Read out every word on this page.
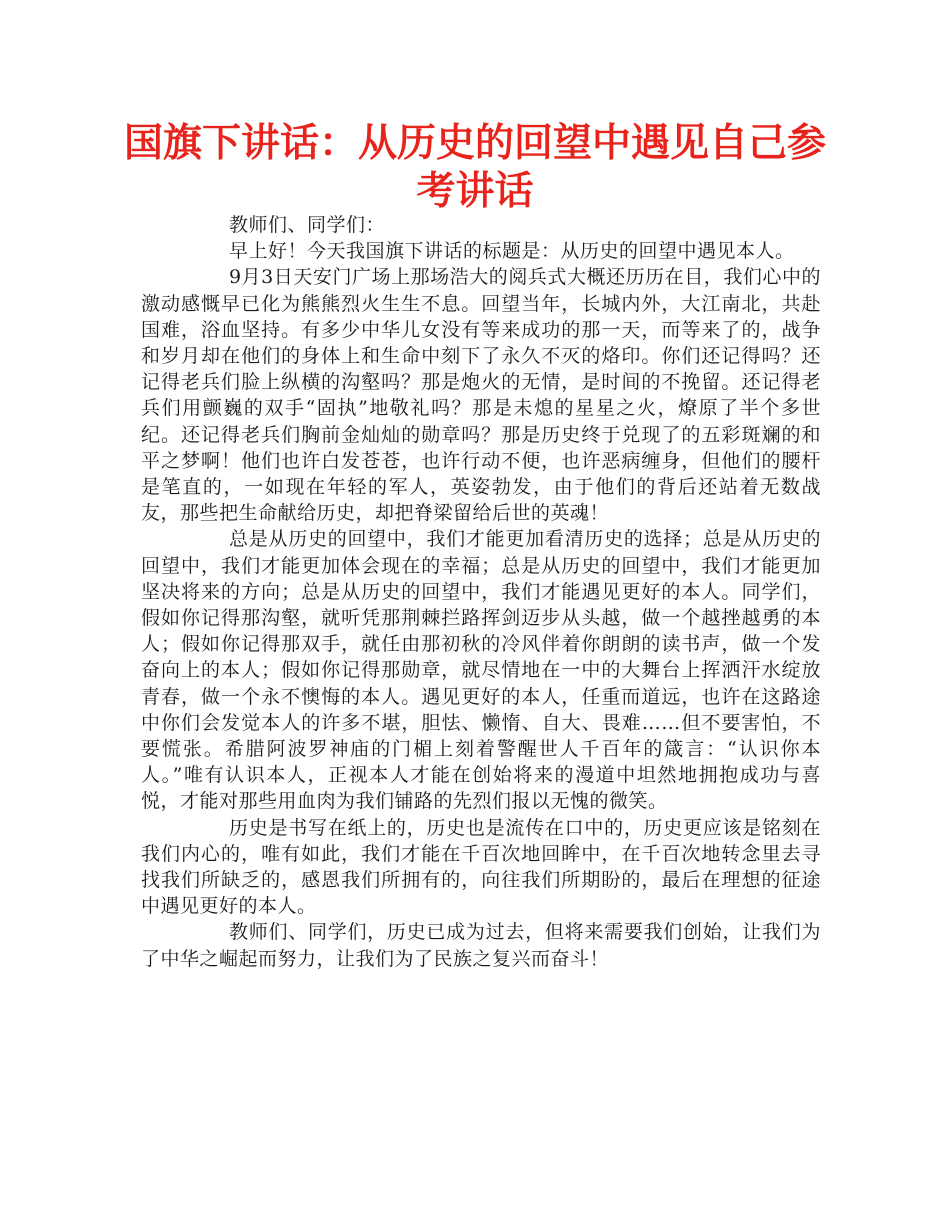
国旗下讲话：从历史的回望中遇见自己参
考讲话

教师们、同学们：

早上好！今天我国旗下讲话的标题是：从历史的回望中遇见本人。

9月3日天安门广场上那场浩大的阅兵式大概还历历在目，我们心中的激动感慨早已化为熊熊烈火生生不息。回望当年，长城内外，大江南北，共赴国难，浴血坚持。有多少中华儿女没有等来成功的那一天，而等来了的，战争和岁月却在他们的身体上和生命中刻下了永久不灭的烙印。你们还记得吗？还记得老兵们脸上纵横的沟壑吗？那是炮火的无情，是时间的不挽留。还记得老兵们用颤巍的双手“固执”地敬礼吗？那是未熄的星星之火，燎原了半个多世纪。还记得老兵们胸前金灿灿的勋章吗？那是历史终于兑现了的五彩斑斓的和平之梦啊！他们也许白发苍苍，也许行动不便，也许恶病缠身，但他们的腰杆是笔直的，一如现在年轻的军人，英姿勃发，由于他们的背后还站着无数战友，那些把生命献给历史，却把脊梁留给后世的英魂！

总是从历史的回望中，我们才能更加看清历史的选择；总是从历史的回望中，我们才能更加体会现在的幸福；总是从历史的回望中，我们才能更加坚决将来的方向；总是从历史的回望中，我们才能遇见更好的本人。同学们，假如你记得那沟壑，就听凭那荆棘拦路挥剑迈步从头越，做一个越挫越勇的本人；假如你记得那双手，就任由那初秋的冷风伴着你朗朗的读书声，做一个发奋向上的本人；假如你记得那勋章，就尽情地在一中的大舞台上挥洒汗水绽放青春，做一个永不懊悔的本人。遇见更好的本人，任重而道远，也许在这路途中你们会发觉本人的许多不堪，胆怯、懒惰、自大、畏难……但不要害怕，不要慌张。希腊阿波罗神庙的门楣上刻着警醒世人千百年的箴言：“认识你本人。”唯有认识本人，正视本人才能在创始将来的漫道中坦然地拥抱成功与喜悦，才能对那些用血肉为我们铺路的先烈们报以无愧的微笑。

历史是书写在纸上的，历史也是流传在口中的，历史更应该是铭刻在我们内心的，唯有如此，我们才能在千百次地回眸中，在千百次地转念里去寻找我们所缺乏的，感恩我们所拥有的，向往我们所期盼的，最后在理想的征途中遇见更好的本人。

教师们、同学们，历史已成为过去，但将来需要我们创始，让我们为了中华之崛起而努力，让我们为了民族之复兴而奋斗！
